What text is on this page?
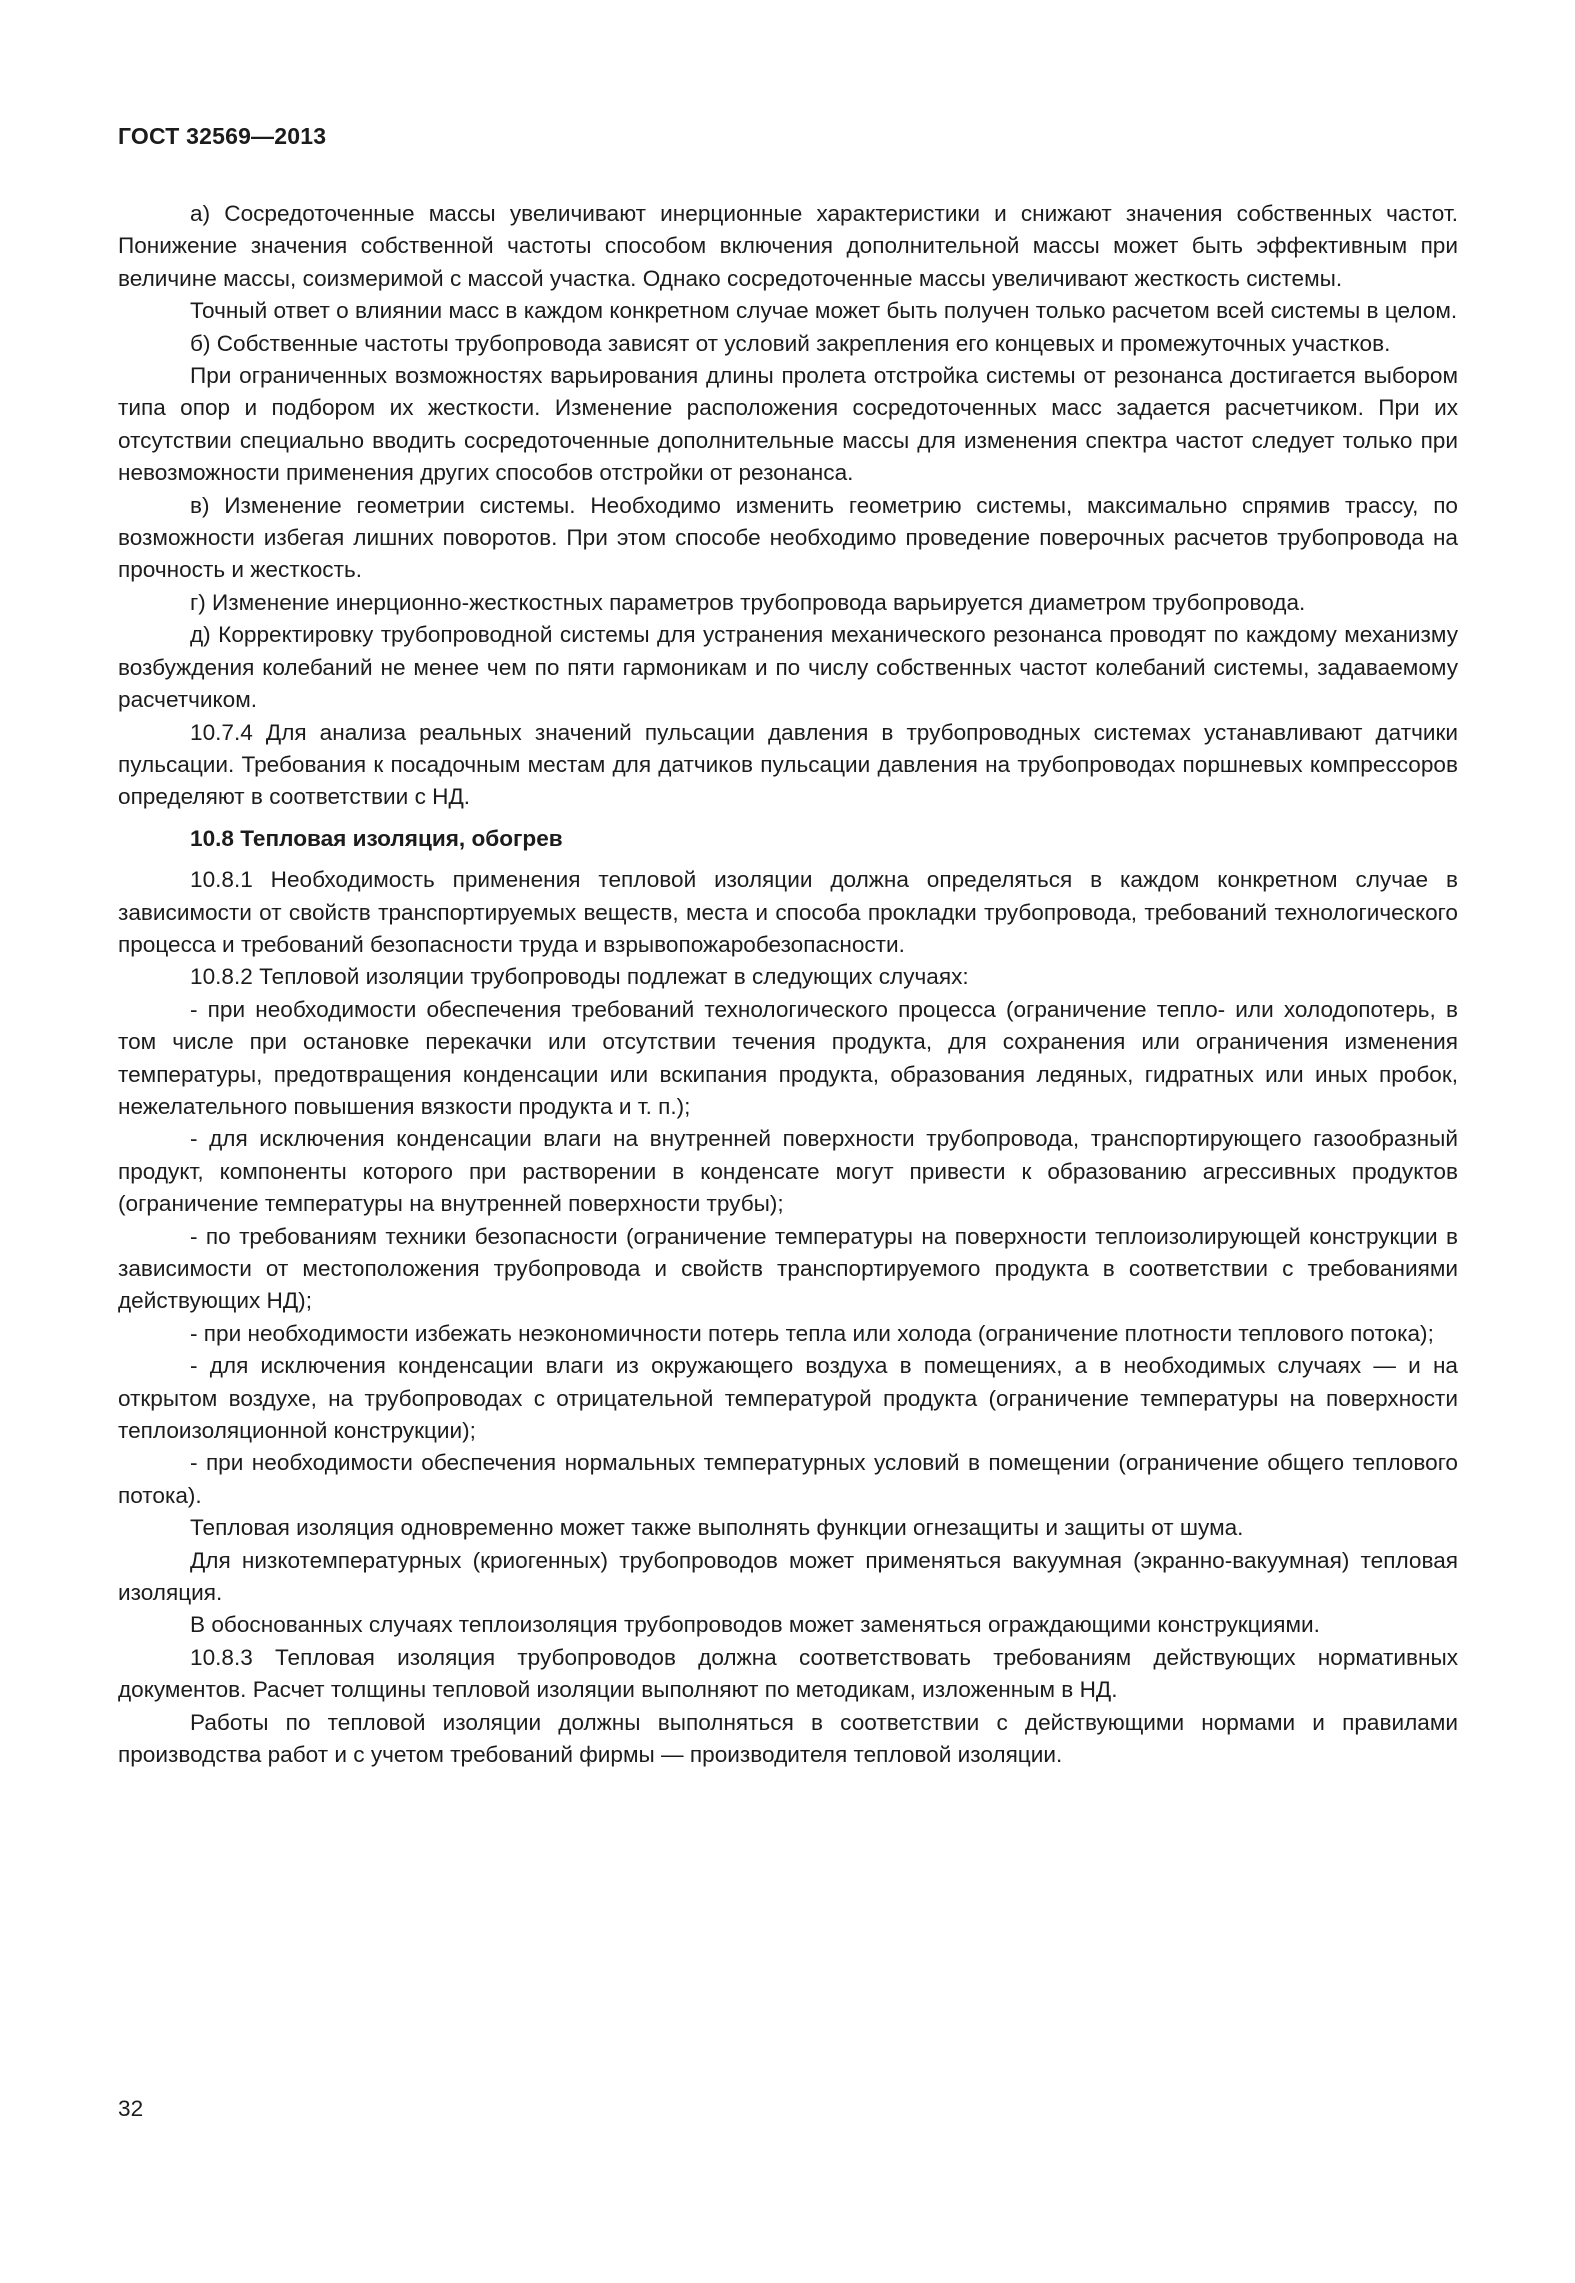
ГОСТ 32569—2013

а) Сосредоточенные массы увеличивают инерционные характеристики и снижают значения собственных частот. Понижение значения собственной частоты способом включения дополнительной массы может быть эффективным при величине массы, соизмеримой с массой участка. Однако сосредоточенные массы увеличивают жесткость системы.

Точный ответ о влиянии масс в каждом конкретном случае может быть получен только расчетом всей системы в целом.

б) Собственные частоты трубопровода зависят от условий закрепления его концевых и промежуточных участков.

При ограниченных возможностях варьирования длины пролета отстройка системы от резонанса достигается выбором типа опор и подбором их жесткости. Изменение расположения сосредоточенных масс задается расчетчиком. При их отсутствии специально вводить сосредоточенные дополнительные массы для изменения спектра частот следует только при невозможности применения других способов отстройки от резонанса.

в) Изменение геометрии системы. Необходимо изменить геометрию системы, максимально спрямив трассу, по возможности избегая лишних поворотов. При этом способе необходимо проведение поверочных расчетов трубопровода на прочность и жесткость.

г) Изменение инерционно-жесткостных параметров трубопровода варьируется диаметром трубопровода.

д) Корректировку трубопроводной системы для устранения механического резонанса проводят по каждому механизму возбуждения колебаний не менее чем по пяти гармоникам и по числу собственных частот колебаний системы, задаваемому расчетчиком.

10.7.4 Для анализа реальных значений пульсации давления в трубопроводных системах устанавливают датчики пульсации. Требования к посадочным местам для датчиков пульсации давления на трубопроводах поршневых компрессоров определяют в соответствии с НД.

10.8 Тепловая изоляция, обогрев

10.8.1 Необходимость применения тепловой изоляции должна определяться в каждом конкретном случае в зависимости от свойств транспортируемых веществ, места и способа прокладки трубопровода, требований технологического процесса и требований безопасности труда и взрывопожаробезопасности.

10.8.2 Тепловой изоляции трубопроводы подлежат в следующих случаях:

- при необходимости обеспечения требований технологического процесса (ограничение тепло- или холодопотерь, в том числе при остановке перекачки или отсутствии течения продукта, для сохранения или ограничения изменения температуры, предотвращения конденсации или вскипания продукта, образования ледяных, гидратных или иных пробок, нежелательного повышения вязкости продукта и т. п.);

- для исключения конденсации влаги на внутренней поверхности трубопровода, транспортирующего газообразный продукт, компоненты которого при растворении в конденсате могут привести к образованию агрессивных продуктов (ограничение температуры на внутренней поверхности трубы);

- по требованиям техники безопасности (ограничение температуры на поверхности теплоизолирующей конструкции в зависимости от местоположения трубопровода и свойств транспортируемого продукта в соответствии с требованиями действующих НД);

- при необходимости избежать неэкономичности потерь тепла или холода (ограничение плотности теплового потока);

- для исключения конденсации влаги из окружающего воздуха в помещениях, а в необходимых случаях — и на открытом воздухе, на трубопроводах с отрицательной температурой продукта (ограничение температуры на поверхности теплоизоляционной конструкции);

- при необходимости обеспечения нормальных температурных условий в помещении (ограничение общего теплового потока).

Тепловая изоляция одновременно может также выполнять функции огнезащиты и защиты от шума.

Для низкотемпературных (криогенных) трубопроводов может применяться вакуумная (экранно-вакуумная) тепловая изоляция.

В обоснованных случаях теплоизоляция трубопроводов может заменяться ограждающими конструкциями.

10.8.3 Тепловая изоляция трубопроводов должна соответствовать требованиям действующих нормативных документов. Расчет толщины тепловой изоляции выполняют по методикам, изложенным в НД.

Работы по тепловой изоляции должны выполняться в соответствии с действующими нормами и правилами производства работ и с учетом требований фирмы — производителя тепловой изоляции.

32
